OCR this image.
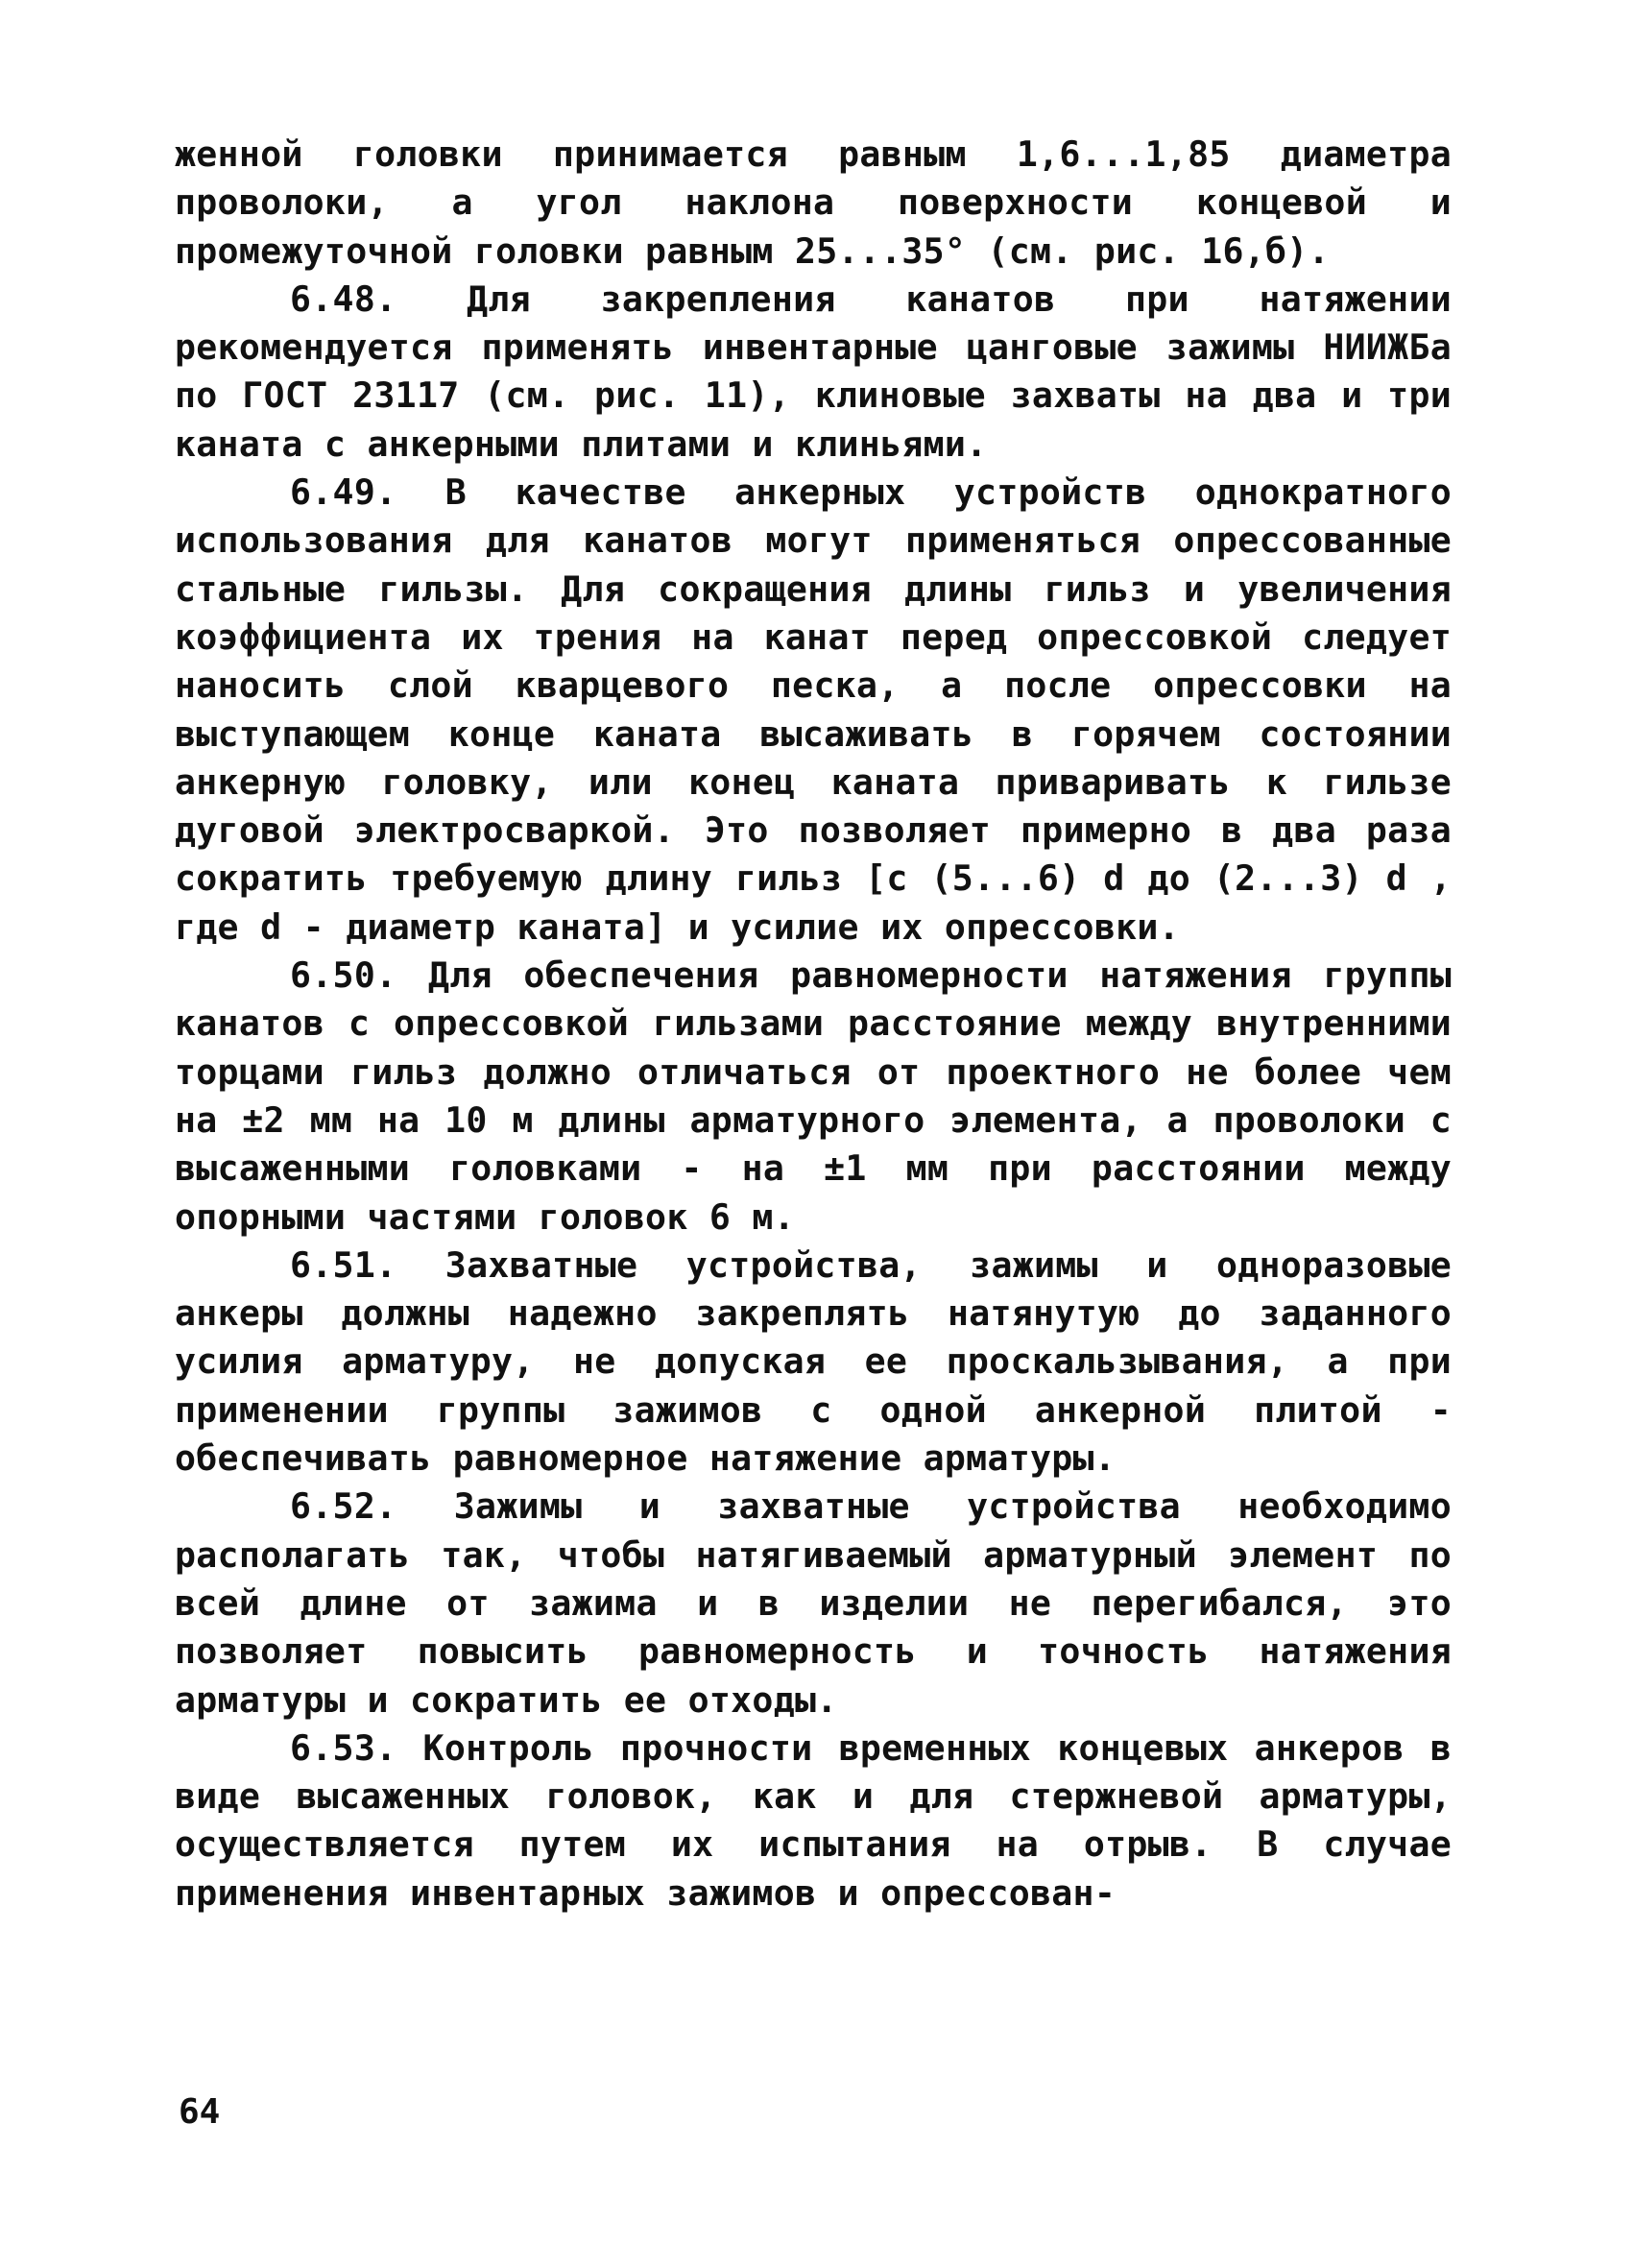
женной головки принимается равным 1,6...1,85 диаметра проволоки, а угол наклона поверхности концевой и промежуточной головки равным 25...35° (см. рис. 16,б).

6.48. Для закрепления канатов при натяжении рекомендуется применять инвентарные цанговые зажимы НИИЖБа по ГОСТ 23117 (см. рис. 11), клиновые захваты на два и три каната с анкерными плитами и клиньями.

6.49. В качестве анкерных устройств однократного использования для канатов могут применяться опрессованные стальные гильзы. Для сокращения длины гильз и увеличения коэффициента их трения на канат перед опрессовкой следует наносить слой кварцевого песка, а после опрессовки на выступающем конце каната высаживать в горячем состоянии анкерную головку, или конец каната приваривать к гильзе дуговой электросваркой. Это позволяет примерно в два раза сократить требуемую длину гильз [с (5...6) d до (2...3) d , где d - диаметр каната] и усилие их опрессовки.

6.50. Для обеспечения равномерности натяжения группы канатов с опрессовкой гильзами расстояние между внутренними торцами гильз должно отличаться от проектного не более чем на ±2 мм на 10 м длины арматурного элемента, а проволоки с высаженными головками - на ±1 мм при расстоянии между опорными частями головок 6 м.

6.51. Захватные устройства, зажимы и одноразовые анкеры должны надежно закреплять натянутую до заданного усилия арматуру, не допуская ее проскальзывания, а при применении группы зажимов с одной анкерной плитой - обеспечивать равномерное натяжение арматуры.

6.52. Зажимы и захватные устройства необходимо располагать так, чтобы натягиваемый арматурный элемент по всей длине от зажима и в изделии не перегибался, это позволяет повысить равномерность и точность натяжения арматуры и сократить ее отходы.

6.53. Контроль прочности временных концевых анкеров в виде высаженных головок, как и для стержневой арматуры, осуществляется путем их испытания на отрыв. В случае применения инвентарных зажимов и опрессован-

64
